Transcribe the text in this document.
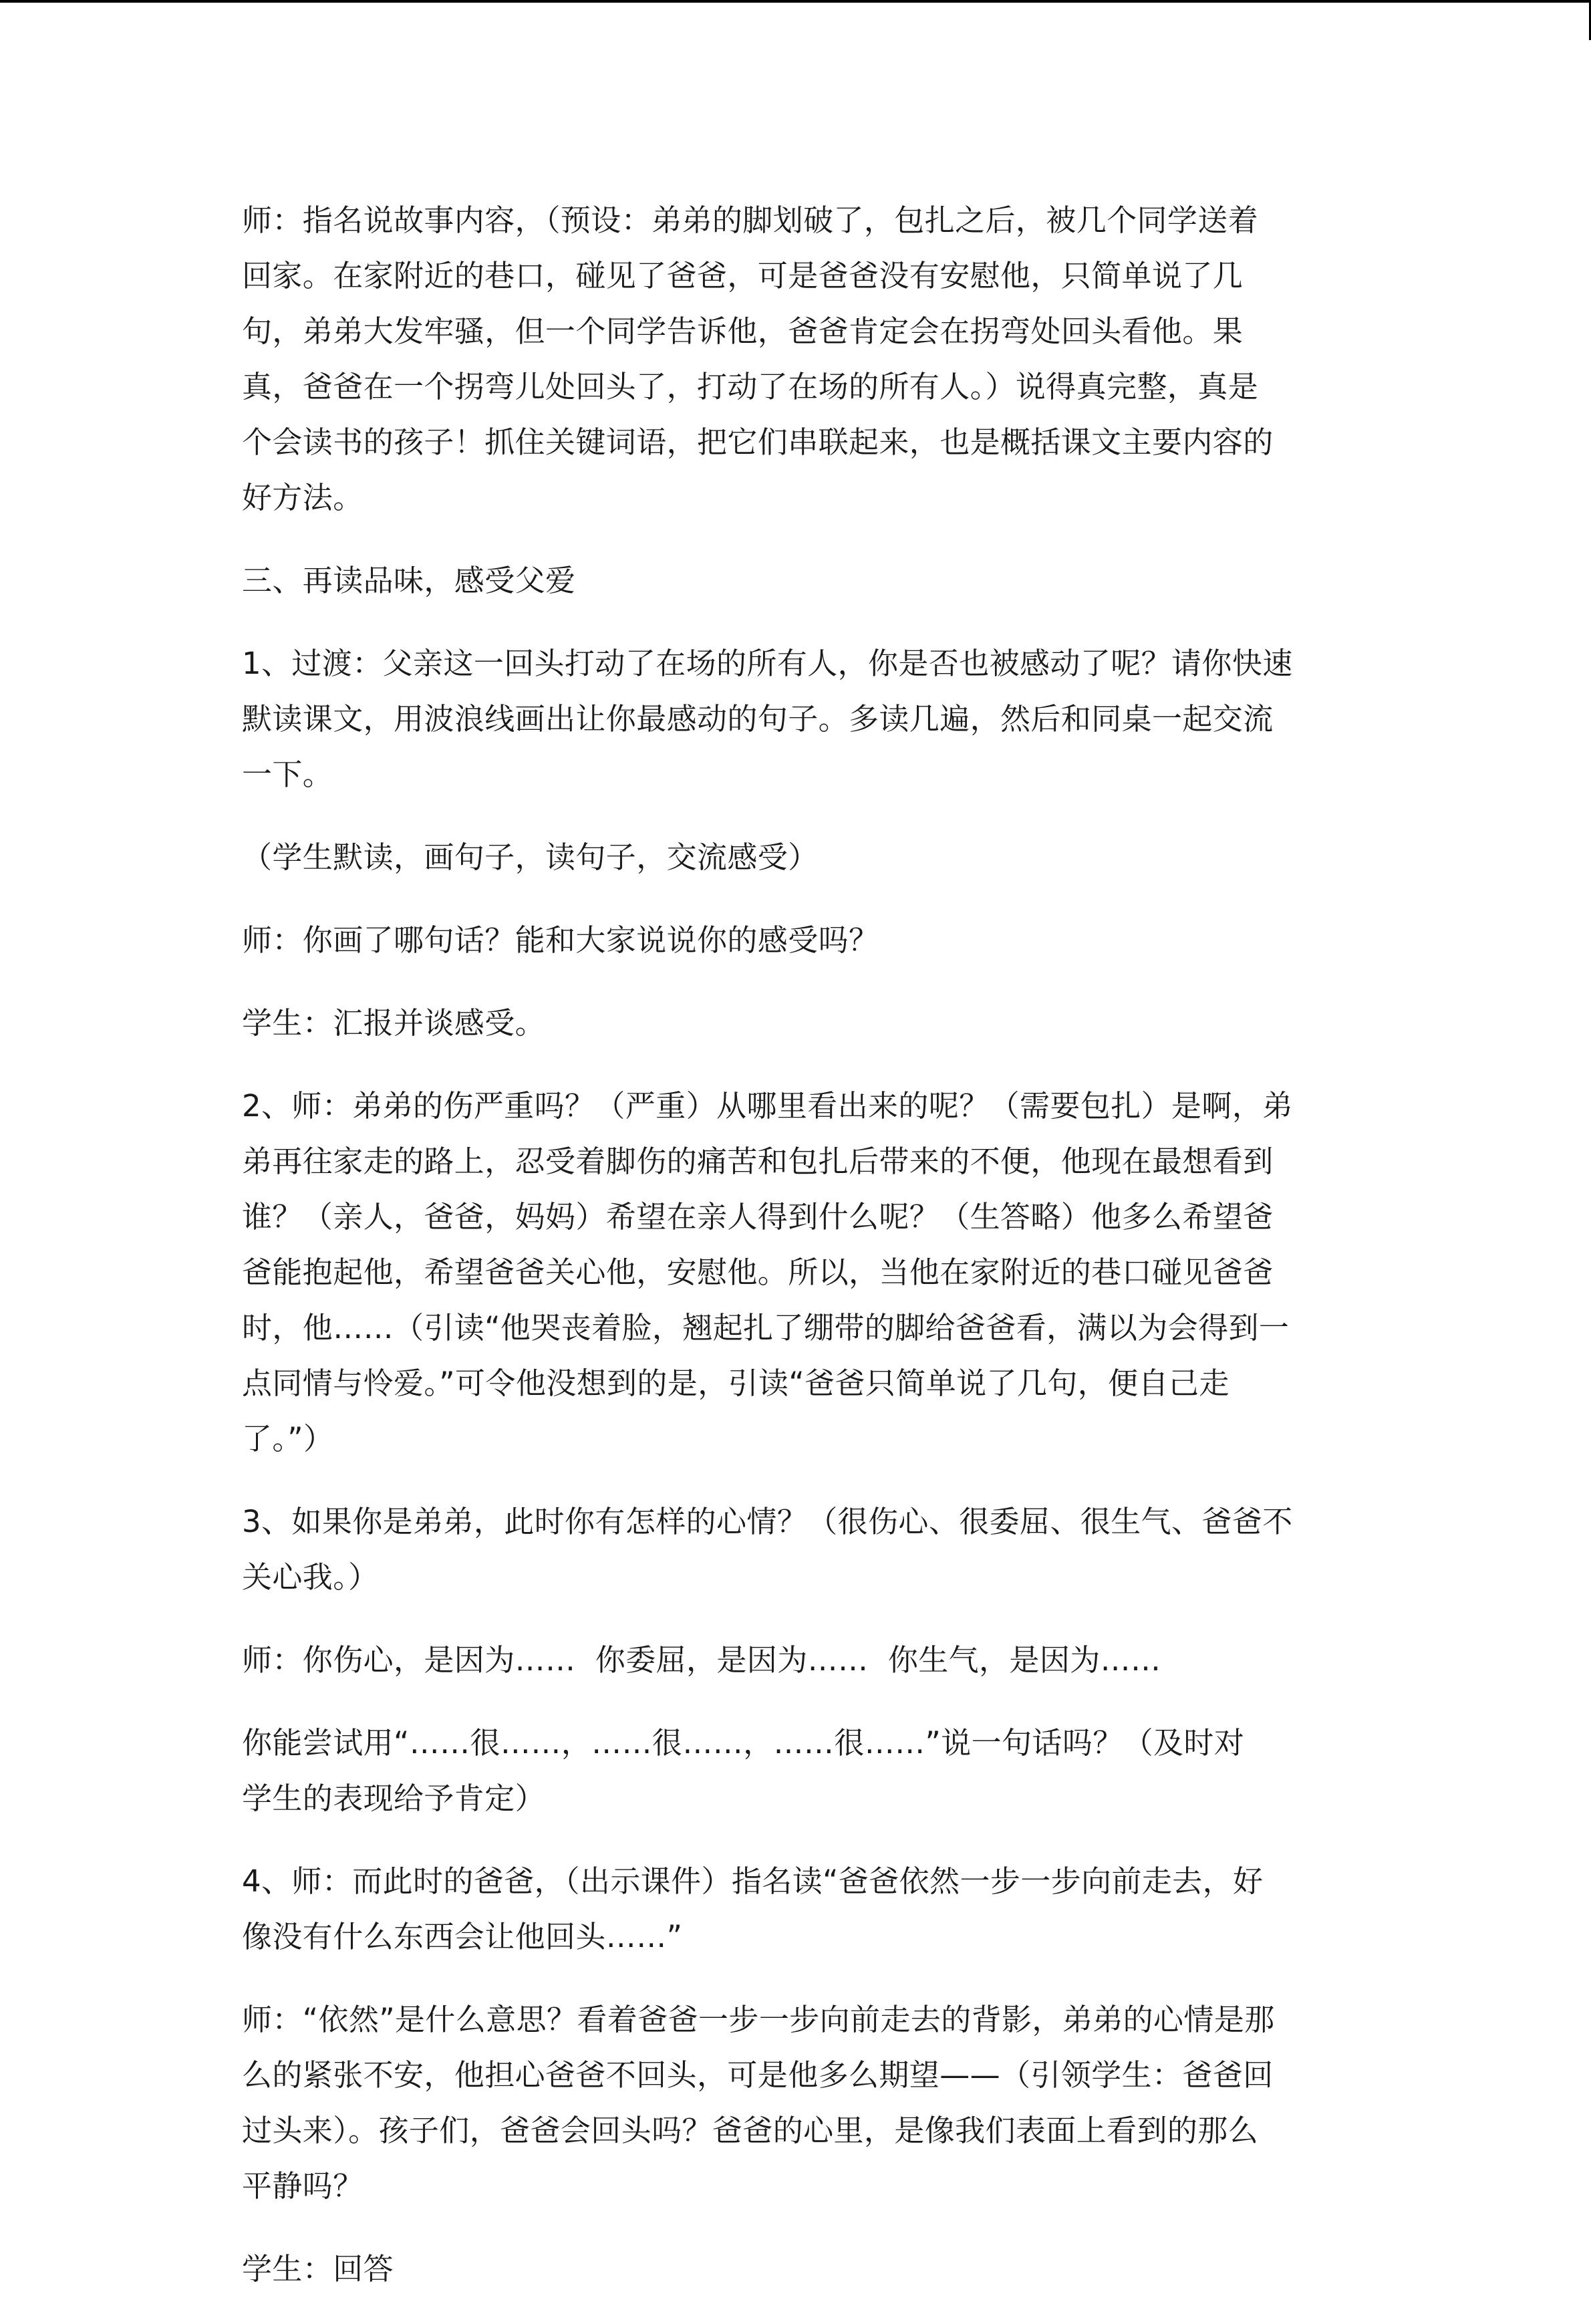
师：指名说故事内容，（预设：弟弟的脚划破了，包扎之后，被几个同学送着
回家。在家附近的巷口，碰见了爸爸，可是爸爸没有安慰他，只简单说了几
句，弟弟大发牢骚，但一个同学告诉他，爸爸肯定会在拐弯处回头看他。果
真，爸爸在一个拐弯儿处回头了，打动了在场的所有人。）说得真完整，真是
个会读书的孩子！抓住关键词语，把它们串联起来，也是概括课文主要内容的
好方法。

三、再读品味，感受父爱

1、过渡：父亲这一回头打动了在场的所有人，你是否也被感动了呢？请你快速
默读课文，用波浪线画出让你最感动的句子。多读几遍，然后和同桌一起交流
一下。

（学生默读，画句子，读句子，交流感受）

师：你画了哪句话？能和大家说说你的感受吗？

学生：汇报并谈感受。

2、师：弟弟的伤严重吗？（严重）从哪里看出来的呢？（需要包扎）是啊，弟
弟再往家走的路上，忍受着脚伤的痛苦和包扎后带来的不便，他现在最想看到
谁？（亲人，爸爸，妈妈）希望在亲人得到什么呢？（生答略）他多么希望爸
爸能抱起他，希望爸爸关心他，安慰他。所以，当他在家附近的巷口碰见爸爸
时，他……（引读“他哭丧着脸，翘起扎了绷带的脚给爸爸看，满以为会得到一
点同情与怜爱。”可令他没想到的是，引读“爸爸只简单说了几句，便自己走
了。”）

3、如果你是弟弟，此时你有怎样的心情？（很伤心、很委屈、很生气、爸爸不
关心我。）

师：你伤心，是因为……  你委屈，是因为……  你生气，是因为……

你能尝试用“……很……，……很……，……很……”说一句话吗？（及时对
学生的表现给予肯定）

4、师：而此时的爸爸，（出示课件）指名读“爸爸依然一步一步向前走去，好
像没有什么东西会让他回头……”

师：“依然”是什么意思？看着爸爸一步一步向前走去的背影，弟弟的心情是那
么的紧张不安，他担心爸爸不回头，可是他多么期望——（引领学生：爸爸回
过头来）。孩子们，爸爸会回头吗？爸爸的心里，是像我们表面上看到的那么
平静吗？

学生：回答
